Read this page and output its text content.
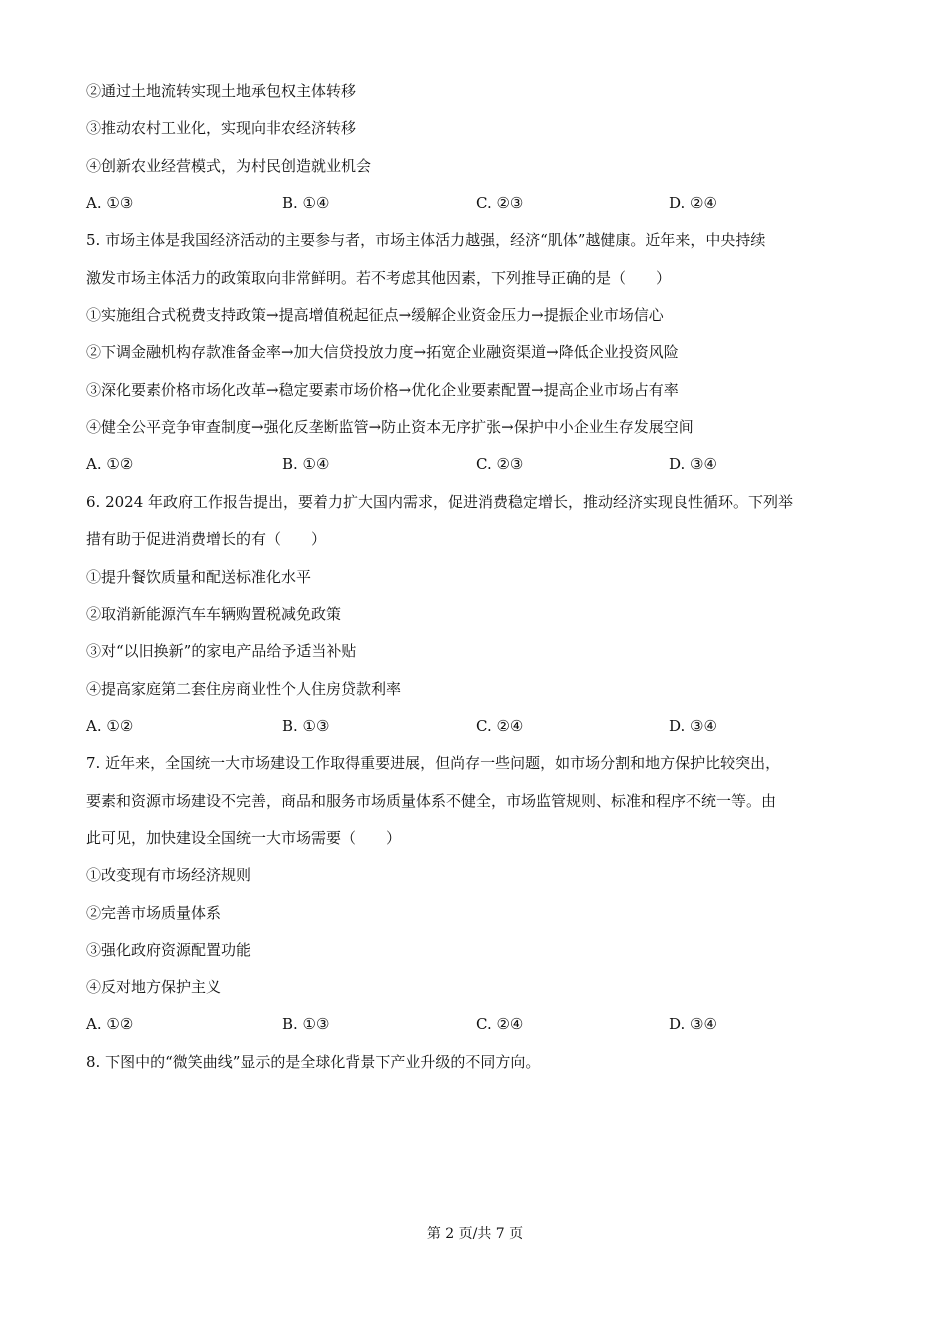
②通过土地流转实现土地承包权主体转移
③推动农村工业化，实现向非农经济转移
④创新农业经营模式，为村民创造就业机会
A. ①③	B. ①④	C. ②③	D. ②④
5. 市场主体是我国经济活动的主要参与者，市场主体活力越强，经济“肌体”越健康。近年来，中央持续
激发市场主体活力的政策取向非常鲜明。若不考虑其他因素，下列推导正确的是（　　）
①实施组合式税费支持政策→提高增值税起征点→缓解企业资金压力→提振企业市场信心
②下调金融机构存款准备金率→加大信贷投放力度→拓宽企业融资渠道→降低企业投资风险
③深化要素价格市场化改革→稳定要素市场价格→优化企业要素配置→提高企业市场占有率
④健全公平竞争审查制度→强化反垄断监管→防止资本无序扩张→保护中小企业生存发展空间
A. ①②	B. ①④	C. ②③	D. ③④
6. 2024 年政府工作报告提出，要着力扩大国内需求，促进消费稳定增长，推动经济实现良性循环。下列举
措有助于促进消费增长的有（　　）
①提升餐饮质量和配送标准化水平
②取消新能源汽车车辆购置税减免政策
③对“以旧换新”的家电产品给予适当补贴
④提高家庭第二套住房商业性个人住房贷款利率
A. ①②	B. ①③	C. ②④	D. ③④
7. 近年来，全国统一大市场建设工作取得重要进展，但尚存一些问题，如市场分割和地方保护比较突出，
要素和资源市场建设不完善，商品和服务市场质量体系不健全，市场监管规则、标准和程序不统一等。由
此可见，加快建设全国统一大市场需要（　　）
①改变现有市场经济规则
②完善市场质量体系
③强化政府资源配置功能
④反对地方保护主义
A. ①②	B. ①③	C. ②④	D. ③④
8. 下图中的“微笑曲线”显示的是全球化背景下产业升级的不同方向。
第 2 页/共 7 页
